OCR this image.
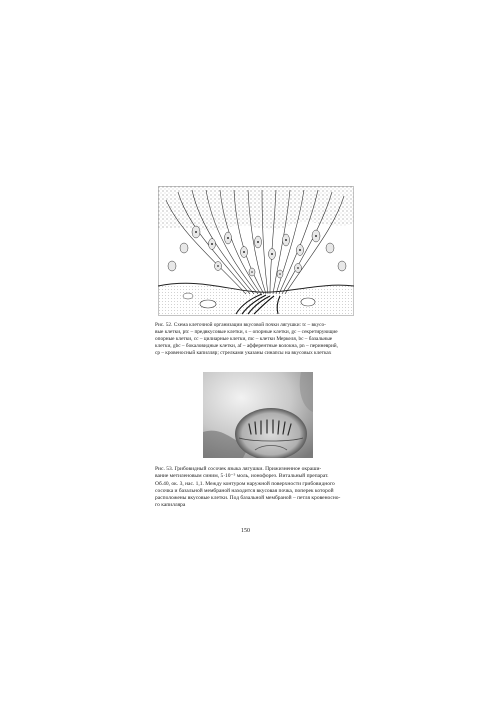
Рис. 52. Схема клеточной организации вкусовой почки лягушки: tc – вкусо-
вые клетки, ptc – предвкусовые клетки, s – опорные клетки, gc – секретирующие
опорные клетки, cc – цилиарные клетки, mc – клетки Меркеля, bc – базальные
клетки, gbc – бокаловидные клетки, af – афферентные волокна, pn – периневрий,
cp – кровеносный капилляр; стрелками указаны синапсы на вкусовых клетках
Рис. 53. Грибовидный сосочек языка лягушки. Прижизненное окраши-
вание метиленовым синим, 5·10⁻⁵ моль, ионофорез. Витальный препарат.
Об.40, ок. 3, нас. 1,1. Между контуром наружной поверхности грибовидного
сосочка и базальной мембраной находится вкусовая почка, поперек которой
расположены вкусовые клетки. Под базальной мембраной – петля кровеносно-
го капилляра
150
